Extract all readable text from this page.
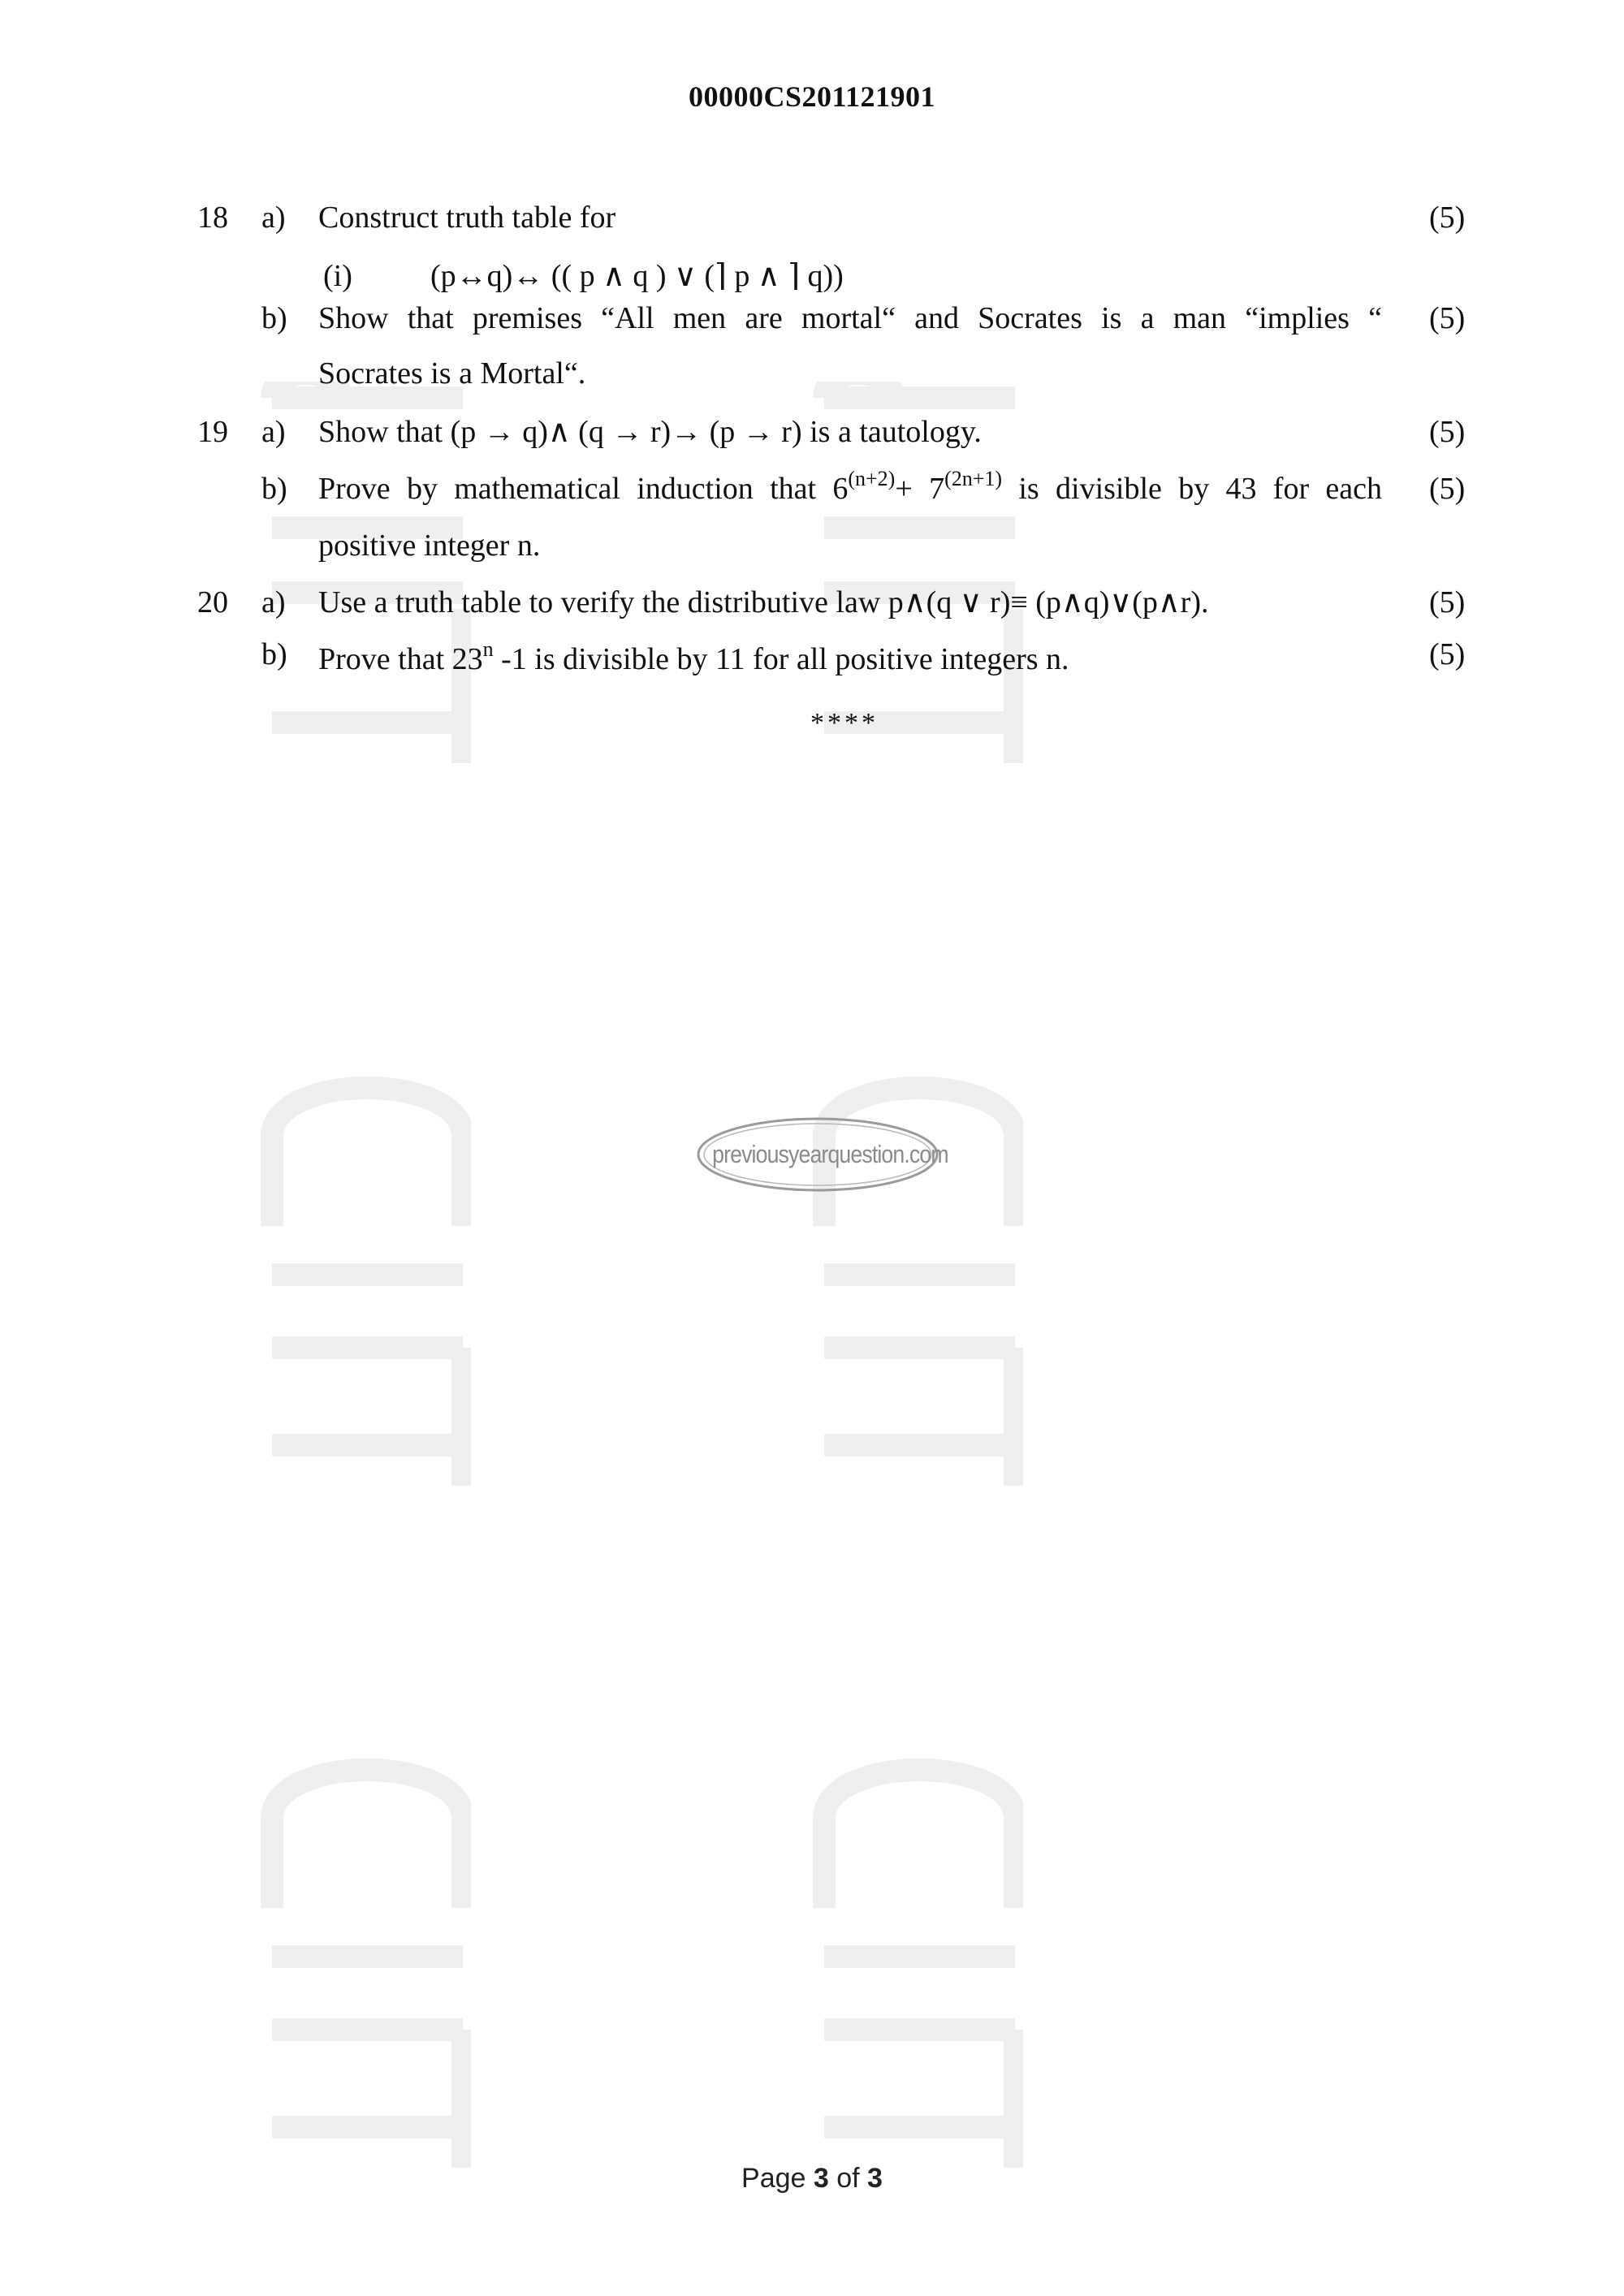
00000CS201121901
18 a) Construct truth table for	(5)
(i)	(p↔q)↔ (( p ∧ q ) ∨ (⌉ p ∧ ⌉ q))
b) Show that premises “All men are mortal“ and Socrates is a man “implies “ (5)
Socrates is a Mortal“.
19 a) Show that (p → q)∧ (q → r)→ (p → r) is a tautology.	(5)
b) Prove by mathematical induction that $6^{(n+2)}+ 7^{(2n+1)}$ is divisible by 43 for each (5)
positive integer n.
20 a) Use a truth table to verify the distributive law p∧(q ∨ r)≡ (p∧q)∨(p∧r).	(5)
b) Prove that 23$^n$ -1 is divisible by 11 for all positive integers n.	(5)
****
previousyearquestion.com
Page 3 of 3
